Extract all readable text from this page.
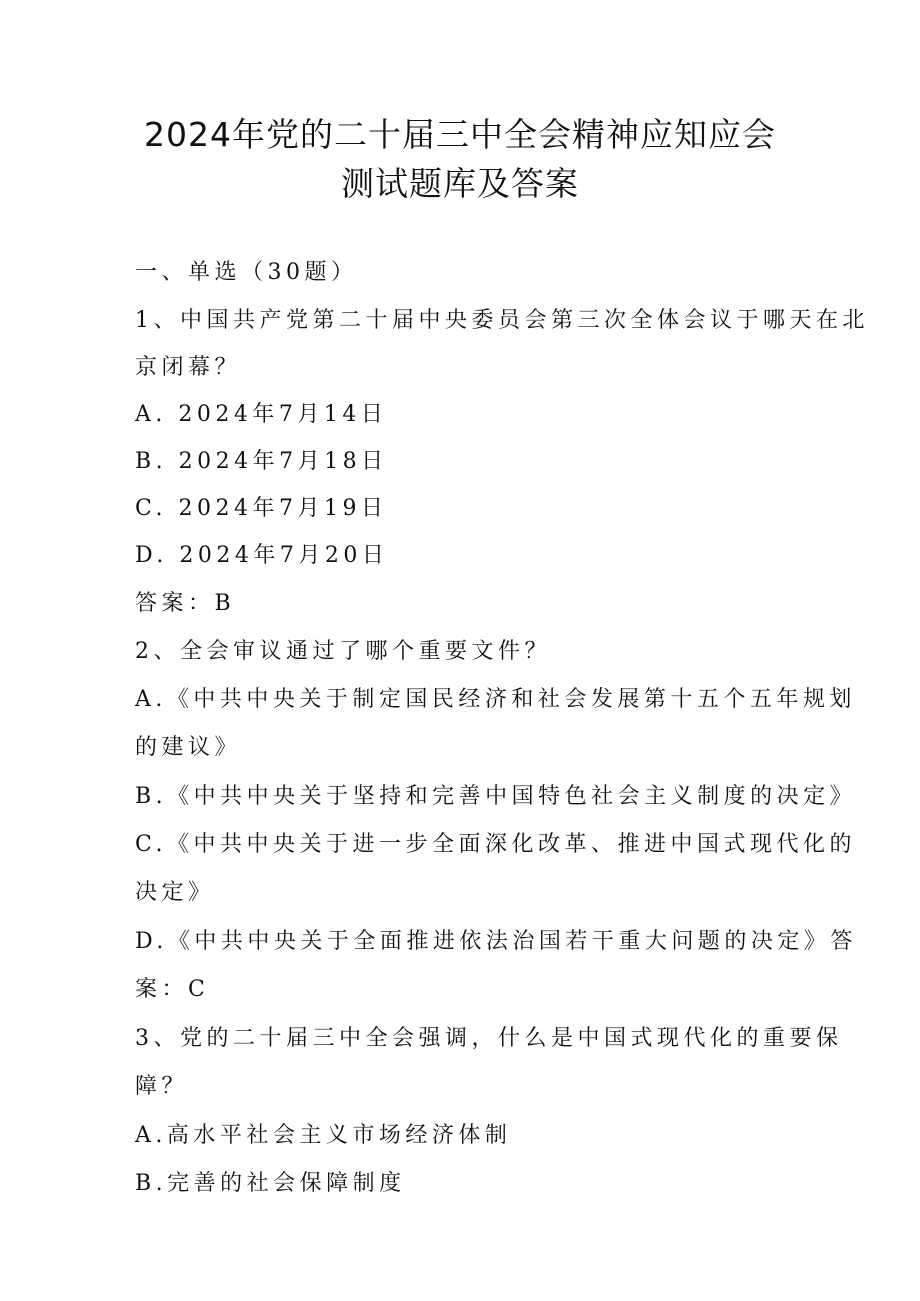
2024年党的二十届三中全会精神应知应会
测试题库及答案
一、单选（30题）
1、中国共产党第二十届中央委员会第三次全体会议于哪天在北
京闭幕？
A. 2024年7月14日
B. 2024年7月18日
C. 2024年7月19日
D. 2024年7月20日
答案：B
2、全会审议通过了哪个重要文件？
A.《中共中央关于制定国民经济和社会发展第十五个五年规划
的建议》
B.《中共中央关于坚持和完善中国特色社会主义制度的决定》
C.《中共中央关于进一步全面深化改革、推进中国式现代化的
决定》
D.《中共中央关于全面推进依法治国若干重大问题的决定》答
案：C
3、党的二十届三中全会强调，什么是中国式现代化的重要保
障？
A.高水平社会主义市场经济体制
B.完善的社会保障制度
